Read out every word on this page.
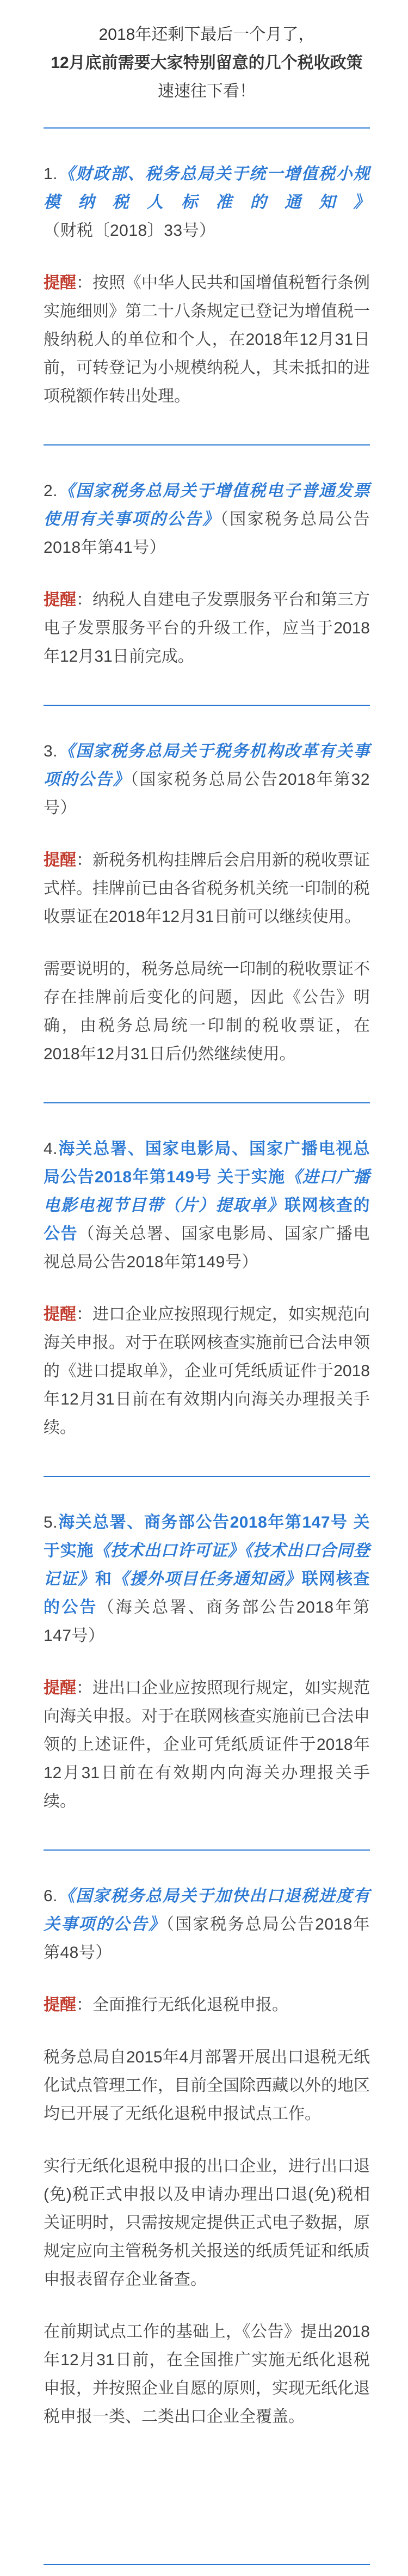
2018年还剩下最后一个月了，
12月底前需要大家特别留意的几个税收政策
速速往下看！
1.《财政部、税务总局关于统一增值税小规模纳税人标准的通知》（财税〔2018〕33号）
提醒：按照《中华人民共和国增值税暂行条例实施细则》第二十八条规定已登记为增值税一般纳税人的单位和个人，在2018年12月31日前，可转登记为小规模纳税人，其未抵扣的进项税额作转出处理。
2.《国家税务总局关于增值税电子普通发票使用有关事项的公告》（国家税务总局公告2018年第41号）
提醒：纳税人自建电子发票服务平台和第三方电子发票服务平台的升级工作，应当于2018年12月31日前完成。
3.《国家税务总局关于税务机构改革有关事项的公告》（国家税务总局公告2018年第32号）
提醒：新税务机构挂牌后会启用新的税收票证式样。挂牌前已由各省税务机关统一印制的税收票证在2018年12月31日前可以继续使用。
需要说明的，税务总局统一印制的税收票证不存在挂牌前后变化的问题，因此《公告》明确，由税务总局统一印制的税收票证，在2018年12月31日后仍然继续使用。
4.海关总署、国家电影局、国家广播电视总局公告2018年第149号 关于实施《进口广播电影电视节目带（片）提取单》联网核查的公告（海关总署、国家电影局、国家广播电视总局公告2018年第149号）
提醒：进口企业应按照现行规定，如实规范向海关申报。对于在联网核查实施前已合法申领的《进口提取单》，企业可凭纸质证件于2018年12月31日前在有效期内向海关办理报关手续。
5.海关总署、商务部公告2018年第147号 关于实施《技术出口许可证》《技术出口合同登记证》和《援外项目任务通知函》联网核查的公告（海关总署、商务部公告2018年第147号）
提醒：进出口企业应按照现行规定，如实规范向海关申报。对于在联网核查实施前已合法申领的上述证件，企业可凭纸质证件于2018年12月31日前在有效期内向海关办理报关手续。
6.《国家税务总局关于加快出口退税进度有关事项的公告》（国家税务总局公告2018年第48号）
提醒：全面推行无纸化退税申报。
税务总局自2015年4月部署开展出口退税无纸化试点管理工作，目前全国除西藏以外的地区均已开展了无纸化退税申报试点工作。
实行无纸化退税申报的出口企业，进行出口退(免)税正式申报以及申请办理出口退(免)税相关证明时，只需按规定提供正式电子数据，原规定应向主管税务机关报送的纸质凭证和纸质申报表留存企业备查。
在前期试点工作的基础上，《公告》提出2018年12月31日前，在全国推广实施无纸化退税申报，并按照企业自愿的原则，实现无纸化退税申报一类、二类出口企业全覆盖。
